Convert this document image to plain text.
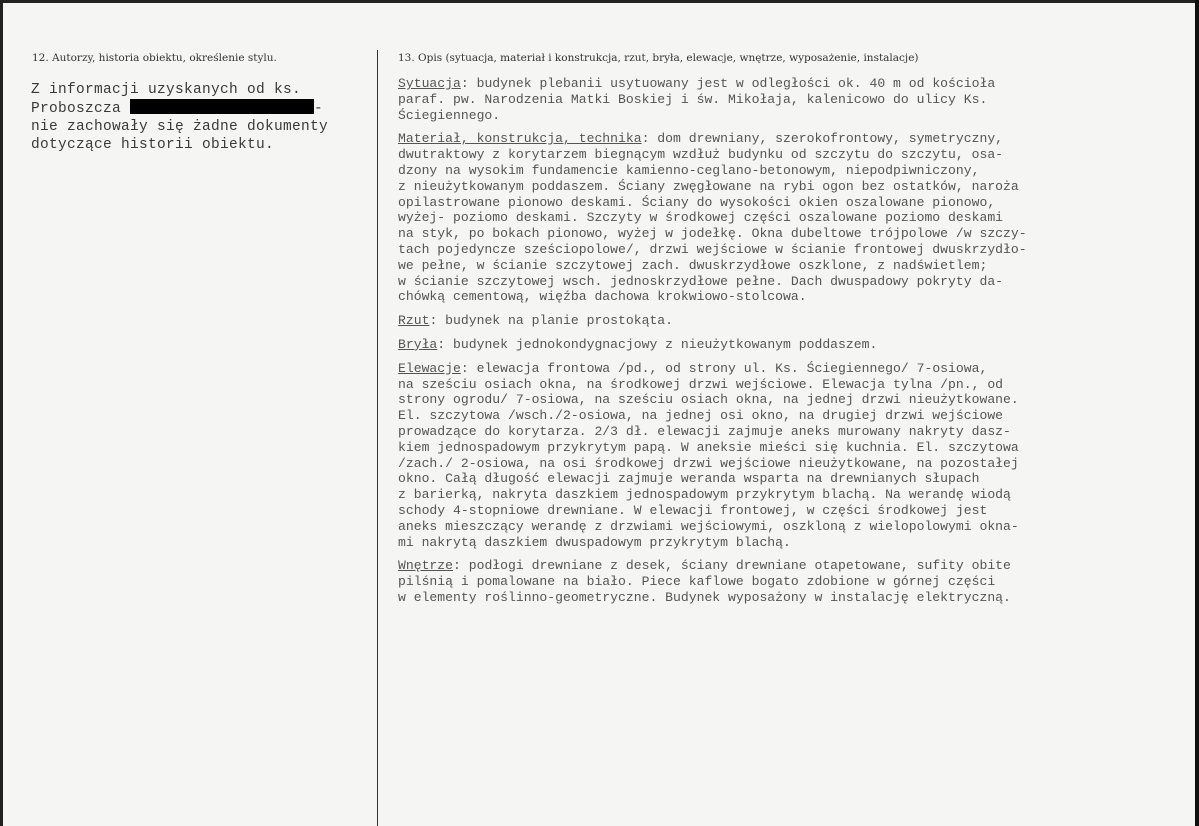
12. Autorzy, historia obiektu, określenie stylu.	13. Opis (sytuacja, materiał i konstrukcja, rzut, bryła, elewacje, wnętrze, wyposażenie, instalacje)
Z informacji uzyskanych od ks.
Proboszcza	-
nie zachowały się żadne dokumenty
dotyczące historii obiektu.
Sytuacja: budynek plebanii usytuowany jest w odległości ok. 40 m od kościoła
paraf. pw. Narodzenia Matki Boskiej i św. Mikołaja, kalenicowo do ulicy Ks.
Ściegiennego.
Materiał, konstrukcja, technika: dom drewniany, szerokofrontowy, symetryczny,
dwutraktowy z korytarzem biegnącym wzdłuż budynku od szczytu do szczytu, osa-
dzony na wysokim fundamencie kamienno-ceglano-betonowym, niepodpiwniczony,
z nieużytkowanym poddaszem. Ściany zwęgłowane na rybi ogon bez ostatków, naroża
opilastrowane pionowo deskami. Ściany do wysokości okien oszalowane pionowo,
wyżej- poziomo deskami. Szczyty w środkowej części oszalowane poziomo deskami
na styk, po bokach pionowo, wyżej w jodełkę. Okna dubeltowe trójpolowe /w szczy-
tach pojedyncze sześciopolowe/, drzwi wejściowe w ścianie frontowej dwuskrzydło-
we pełne, w ścianie szczytowej zach. dwuskrzydłowe oszklone, z nadświetlem;
w ścianie szczytowej wsch. jednoskrzydłowe pełne. Dach dwuspadowy pokryty da-
chówką cementową, więźba dachowa krokwiowo-stolcowa.
Rzut: budynek na planie prostokąta.
Bryła: budynek jednokondygnacjowy z nieużytkowanym poddaszem.
Elewacje: elewacja frontowa /pd., od strony ul. Ks. Ściegiennego/ 7-osiowa,
na sześciu osiach okna, na środkowej drzwi wejściowe. Elewacja tylna /pn., od
strony ogrodu/ 7-osiowa, na sześciu osiach okna, na jednej drzwi nieużytkowane.
El. szczytowa /wsch./2-osiowa, na jednej osi okno, na drugiej drzwi wejściowe
prowadzące do korytarza. 2/3 dł. elewacji zajmuje aneks murowany nakryty dasz-
kiem jednospadowym przykrytym papą. W aneksie mieści się kuchnia. El. szczytowa
/zach./ 2-osiowa, na osi środkowej drzwi wejściowe nieużytkowane, na pozostałej
okno. Całą długość elewacji zajmuje weranda wsparta na drewnianych słupach
z barierką, nakryta daszkiem jednospadowym przykrytym blachą. Na werandę wiodą
schody 4-stopniowe drewniane. W elewacji frontowej, w części środkowej jest
aneks mieszczący werandę z drzwiami wejściowymi, oszkloną z wielopolowymi okna-
mi nakrytą daszkiem dwuspadowym przykrytym blachą.
Wnętrze: podłogi drewniane z desek, ściany drewniane otapetowane, sufity obite
pilśnią i pomalowane na biało. Piece kaflowe bogato zdobione w górnej części
w elementy roślinno-geometryczne. Budynek wyposażony w instalację elektryczną.
